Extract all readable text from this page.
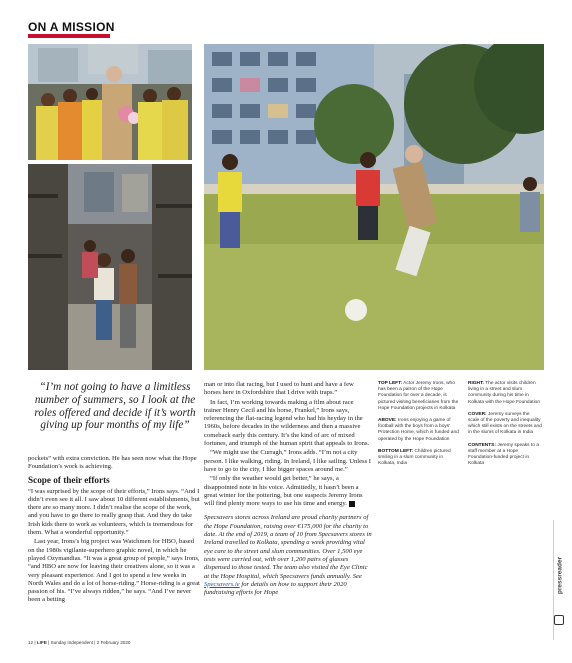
ON A MISSION
“I’m not going to have a limitless number of summers, so I look at the roles offered and decide if it’s worth giving up four months of my life”

pockets” with extra conviction. He has seen now what the Hope Foundation’s work is achieving.

Scope of their efforts

“I was surprised by the scope of their efforts,” Irons says. “And I didn’t even see it all. I saw about 10 different establishments, but there are so many more. I didn’t realise the scope of the work, and you have to go there to really grasp that. And they do take Irish kids there to work as volunteers, which is tremendous for them. What a wonderful opportunity.”

Last year, Irons’s big project was Watchmen for HBO, based on the 1980s vigilante-superhero graphic novel, in which he played Ozymandias. “It was a great group of people,” says Irons, “and HBO are now for leaving their creatives alone, so it was a very pleasant experience. And I got to spend a few weeks in North Wales and do a lot of horse-riding.” Horse-riding is a great passion of his. “I’ve always ridden,” he says. “And I’ve never been a betting

man or into flat racing, but I used to hunt and have a few horses here in Oxfordshire that I drive with traps.”

In fact, I’m working towards making a film about race trainer Henry Cecil and his horse, Frankel,” Irons says, referencing the flat-racing legend who had his heyday in the 1960s, before decades in the wilderness and then a massive comeback early this century. It’s the kind of arc of mixed fortunes, and triumph of the human spirit that appeals to Irons.

“We might use the Curragh,” Irons adds. “I’m not a city person. I like walking, riding. In Ireland, I like sailing. Unless I have to go to the city, I like bigger spaces around me.”

“If only the weather would get better,” he says, a disappointed note in his voice. Admittedly, it hasn’t been a great winter for the pottering, but one suspects Jeremy Irons will find plenty more ways to use his time and energy.

Specsavers stores across Ireland are proud charity partners of the Hope Foundation, raising over €175,000 for the charity to date. At the end of 2019, a team of 10 from Specsavers stores in Ireland travelled to Kolkata, spending a week providing vital eye care to the street and slum communities. Over 1,500 eye tests were carried out, with over 1,200 pairs of glasses dispensed to those tested. The team also visited the Eye Clinic at the Hope Hospital, which Specsavers funds annually. See Specsavers.ie for details on how to support their 2020 fundraising efforts for Hope

TOP LEFT: Actor Jeremy Irons, who has been a patron of the Hope Foundation for over a decade, is pictured visiting beneficiaries from the Hope Foundation projects in Kolkata
ABOVE: Irons enjoying a game of football with the boys from a boys' Protection Home, which is funded and operated by the Hope Foundation
BOTTOM LEFT: Children pictured smiling in a slum community in Kolkata, India
RIGHT: The actor visits children living in a street and slum community during his time in Kolkata with the Hope Foundation
COVER: Jeremy surveys the scale of the poverty and inequality which still exists on the streets and in the slums of Kolkata in India
CONTENTS: Jeremy speaks to a staff member at a Hope Foundation-funded project in Kolkata
12 | LIFE | Sunday Independent | 2 February 2020
pressreader
